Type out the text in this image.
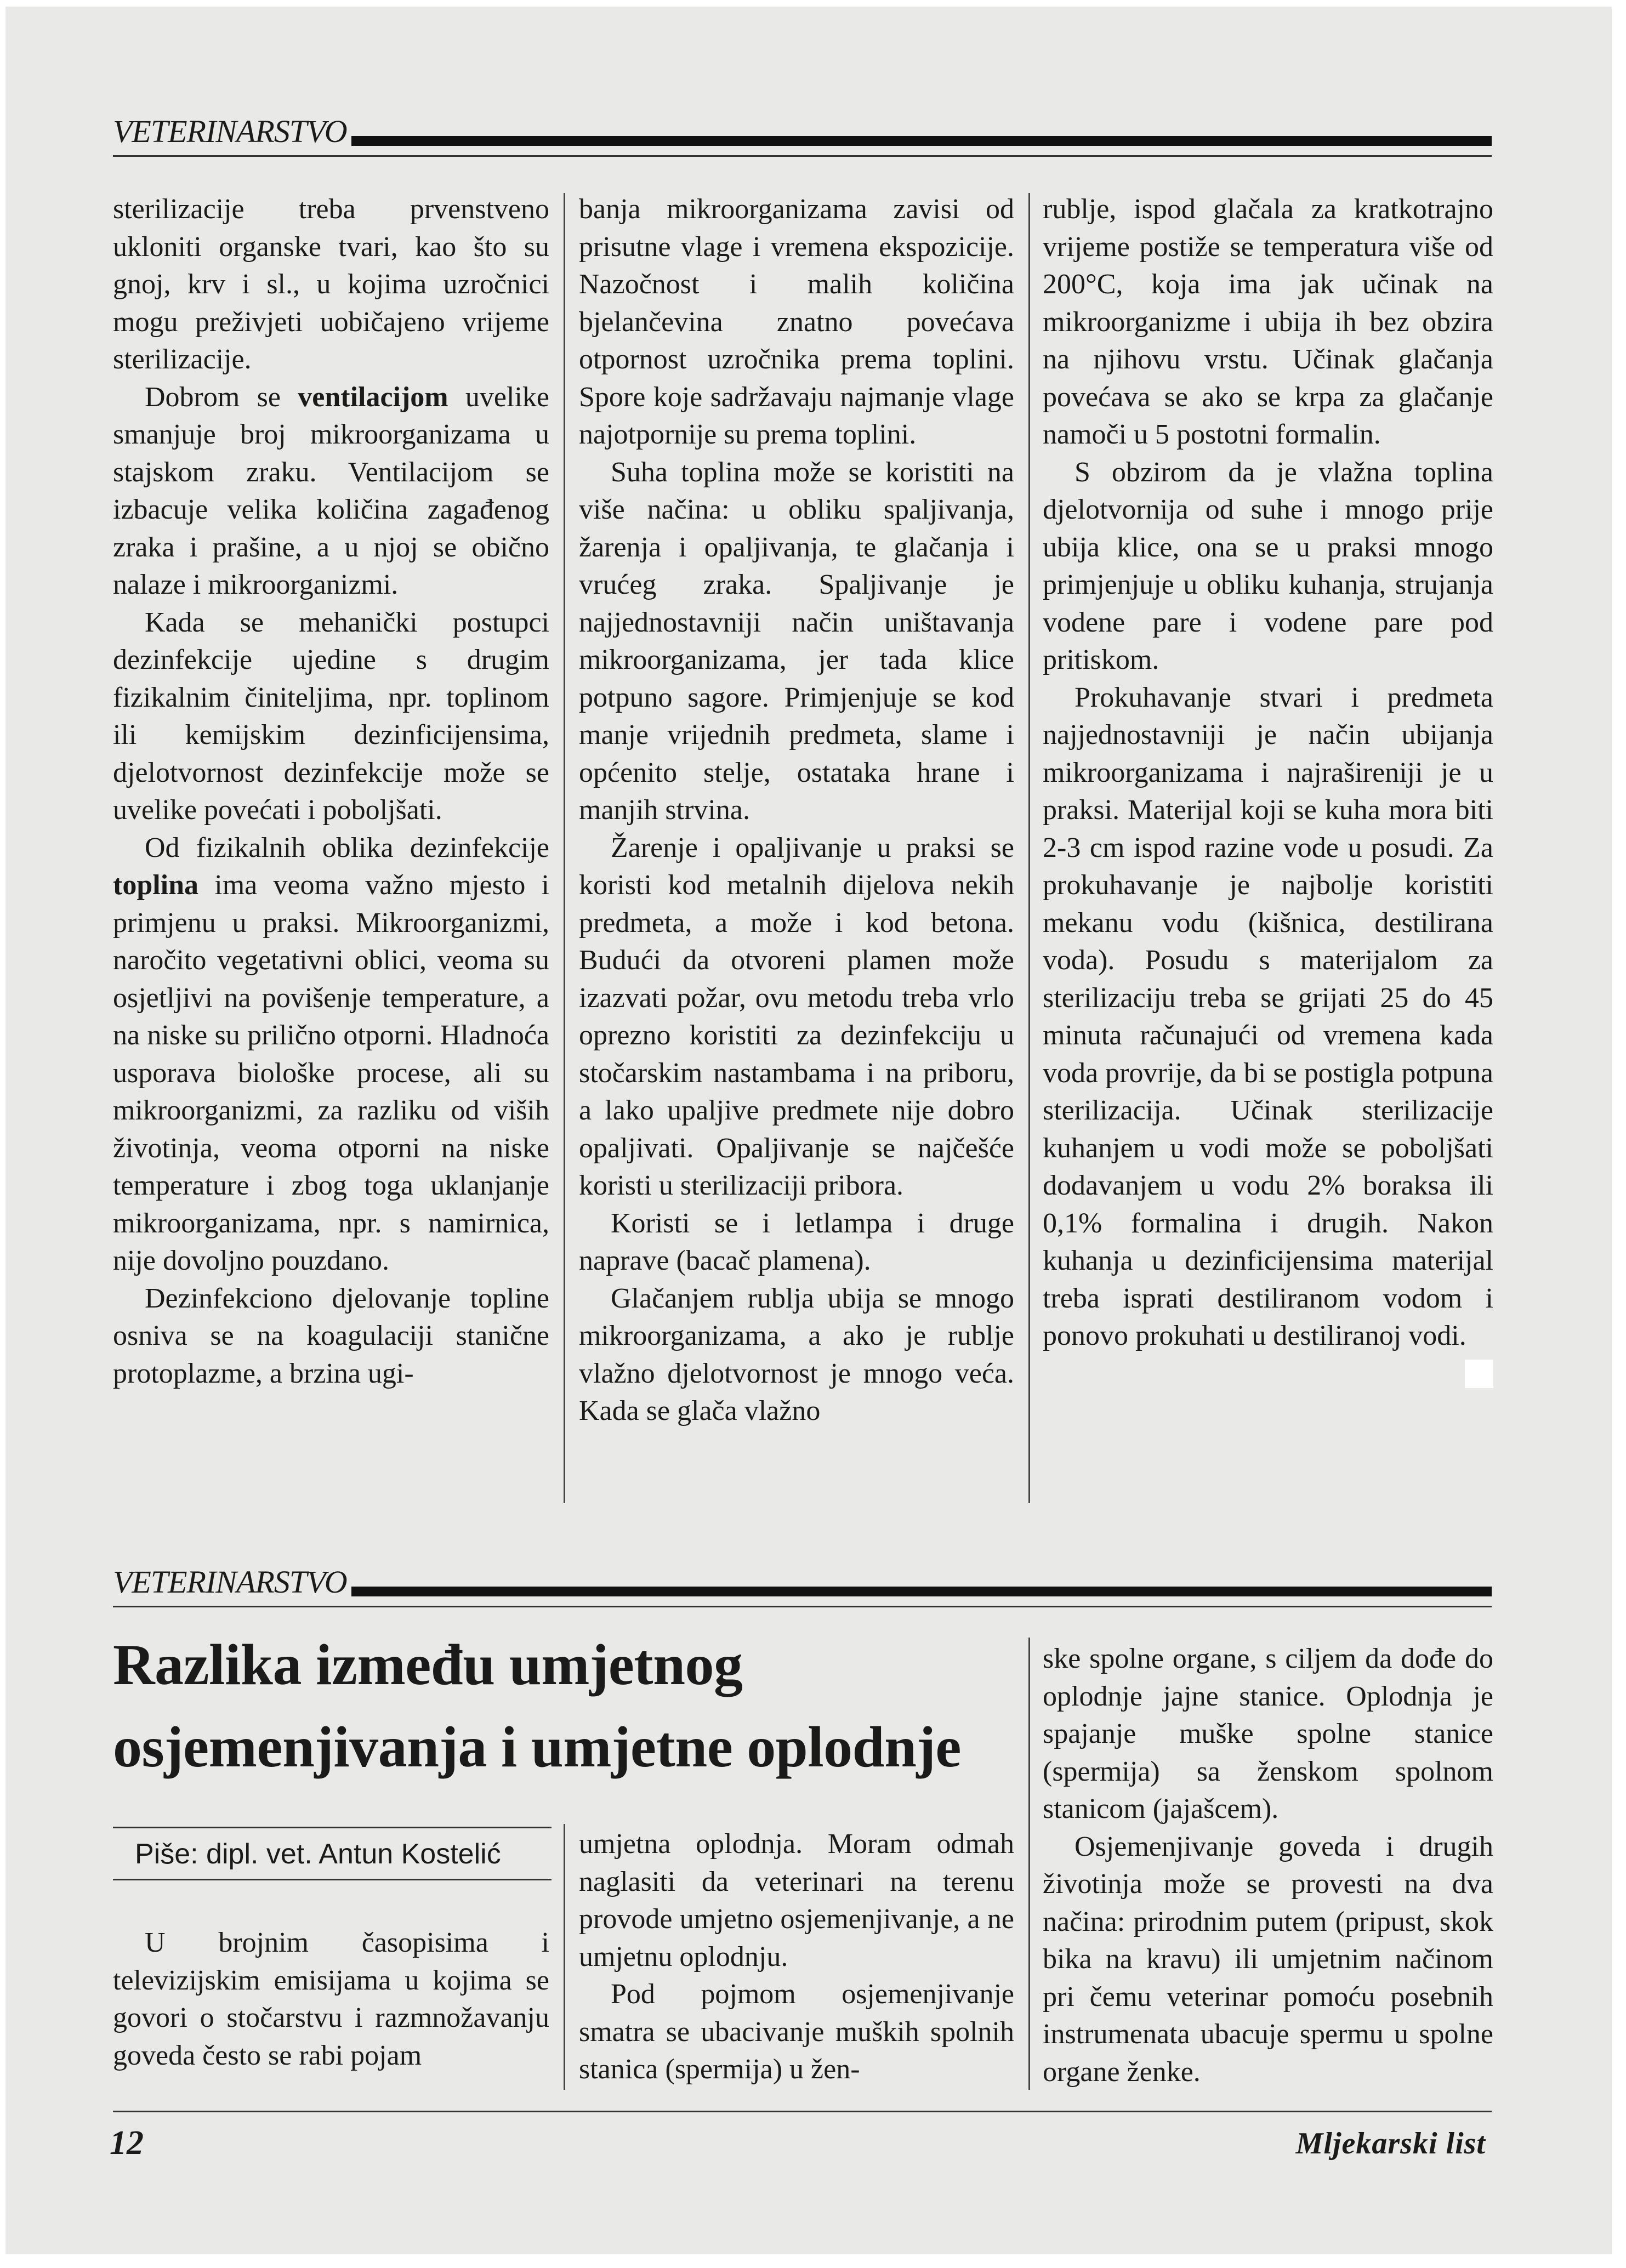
VETERINARSTVO

sterilizacije treba prvenstveno ukloniti organske tvari, kao što su gnoj, krv i sl., u kojima uzročnici mogu preživjeti uobičajeno vrijeme sterilizacije.

Dobrom se ventilacijom uvelike smanjuje broj mikroorganizama u stajskom zraku. Ventilacijom se izbacuje velika količina zagađenog zraka i prašine, a u njoj se obično nalaze i mikroorganizmi.

Kada se mehanički postupci dezinfekcije ujedine s drugim fizikalnim činiteljima, npr. toplinom ili kemijskim dezinficijensima, djelotvornost dezinfekcije može se uvelike povećati i poboljšati.

Od fizikalnih oblika dezinfekcije toplina ima veoma važno mjesto i primjenu u praksi. Mikroorganizmi, naročito vegetativni oblici, veoma su osjetljivi na povišenje temperature, a na niske su prilično otporni. Hladnoća usporava biološke procese, ali su mikroorganizmi, za razliku od viših životinja, veoma otporni na niske temperature i zbog toga uklanjanje mikroorganizama, npr. s namirnica, nije dovoljno pouzdano.

Dezinfekciono djelovanje topline osniva se na koagulaciji stanične protoplazme, a brzina ugi-

banja mikroorganizama zavisi od prisutne vlage i vremena ekspozicije. Nazočnost i malih količina bjelančevina znatno povećava otpornost uzročnika prema toplini. Spore koje sadržavaju najmanje vlage najotpornije su prema toplini.

Suha toplina može se koristiti na više načina: u obliku spaljivanja, žarenja i opaljivanja, te glačanja i vrućeg zraka. Spaljivanje je najjednostavniji način uništavanja mikroorganizama, jer tada klice potpuno sagore. Primjenjuje se kod manje vrijednih predmeta, slame i općenito stelje, ostataka hrane i manjih strvina.

Žarenje i opaljivanje u praksi se koristi kod metalnih dijelova nekih predmeta, a može i kod betona. Budući da otvoreni plamen može izazvati požar, ovu metodu treba vrlo oprezno koristiti za dezinfekciju u stočarskim nastambama i na priboru, a lako upaljive predmete nije dobro opaljivati. Opaljivanje se najčešće koristi u sterilizaciji pribora.

Koristi se i letlampa i druge naprave (bacač plamena).

Glačanjem rublja ubija se mnogo mikroorganizama, a ako je rublje vlažno djelotvornost je mnogo veća. Kada se glača vlažno

rublje, ispod glačala za kratkotrajno vrijeme postiže se temperatura više od 200°C, koja ima jak učinak na mikroorganizme i ubija ih bez obzira na njihovu vrstu. Učinak glačanja povećava se ako se krpa za glačanje namoči u 5 postotni formalin.

S obzirom da je vlažna toplina djelotvornija od suhe i mnogo prije ubija klice, ona se u praksi mnogo primjenjuje u obliku kuhanja, strujanja vodene pare i vodene pare pod pritiskom.

Prokuhavanje stvari i predmeta najjednostavniji je način ubijanja mikroorganizama i najrašireniji je u praksi. Materijal koji se kuha mora biti 2-3 cm ispod razine vode u posudi. Za prokuhavanje je najbolje koristiti mekanu vodu (kišnica, destilirana voda). Posudu s materijalom za sterilizaciju treba se grijati 25 do 45 minuta računajući od vremena kada voda provrije, da bi se postigla potpuna sterilizacija. Učinak sterilizacije kuhanjem u vodi može se poboljšati dodavanjem u vodu 2% boraksa ili 0,1% formalina i drugih. Nakon kuhanja u dezinficijensima materijal treba isprati destiliranom vodom i ponovo prokuhati u destiliranoj vodi.

VETERINARSTVO
Razlika između umjetnog
osjemenjivanja i umjetne oplodnje
Piše: dipl. vet. Antun Kostelić

U brojnim časopisima i televizijskim emisijama u kojima se govori o stočarstvu i razmnožavanju goveda često se rabi pojam

umjetna oplodnja. Moram odmah naglasiti da veterinari na terenu provode umjetno osjemenjivanje, a ne umjetnu oplodnju.

Pod pojmom osjemenjivanje smatra se ubacivanje muških spolnih stanica (spermija) u žen-

ske spolne organe, s ciljem da dođe do oplodnje jajne stanice. Oplodnja je spajanje muške spolne stanice (spermija) sa ženskom spolnom stanicom (jajašcem).

Osjemenjivanje goveda i drugih životinja može se provesti na dva načina: prirodnim putem (pripust, skok bika na kravu) ili umjetnim načinom pri čemu veterinar pomoću posebnih instrumenata ubacuje spermu u spolne organe ženke.

12	Mljekarski list
